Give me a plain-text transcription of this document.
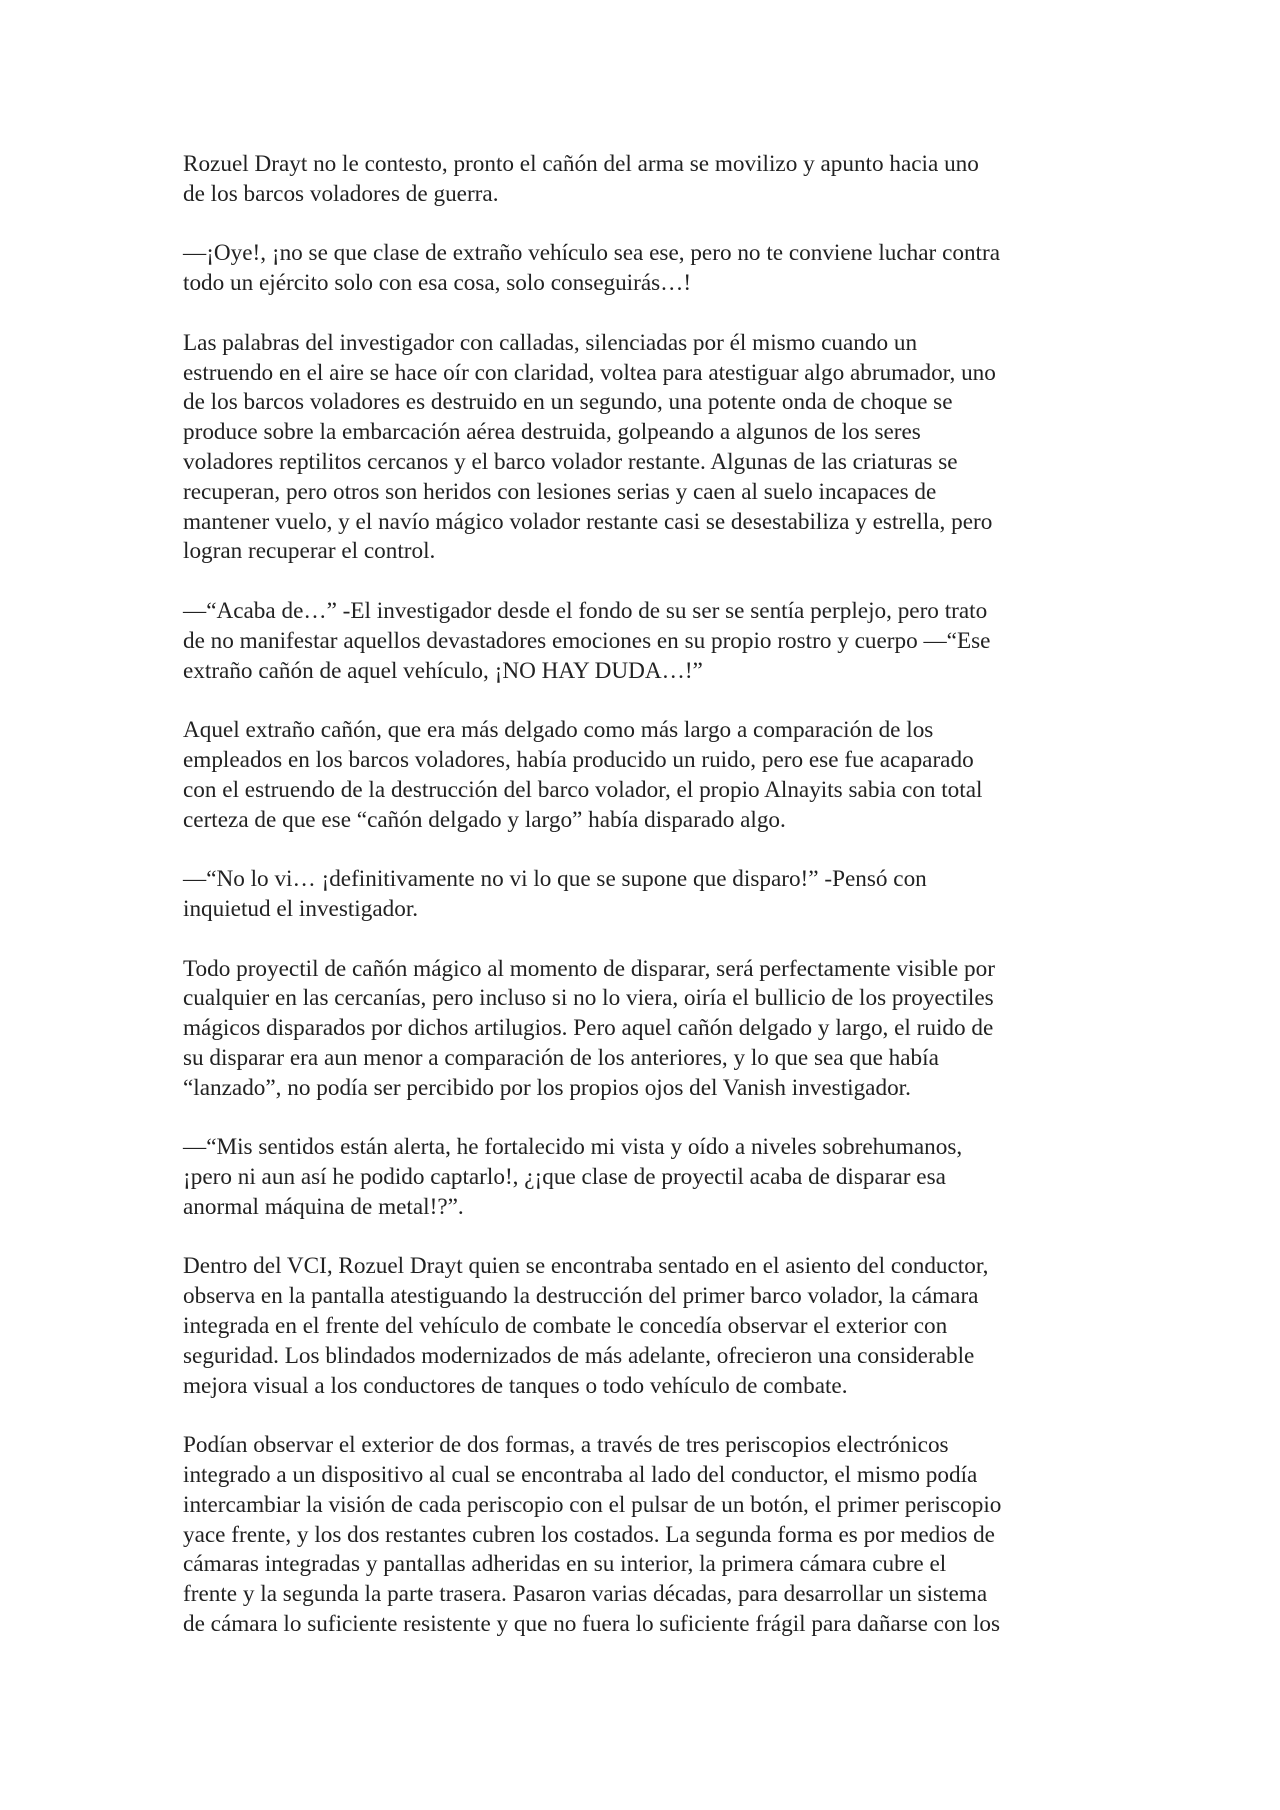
Rozuel Drayt no le contesto, pronto el cañón del arma se movilizo y apunto hacia uno
de los barcos voladores de guerra.

—¡Oye!, ¡no se que clase de extraño vehículo sea ese, pero no te conviene luchar contra
todo un ejército solo con esa cosa, solo conseguirás…!

Las palabras del investigador con calladas, silenciadas por él mismo cuando un
estruendo en el aire se hace oír con claridad, voltea para atestiguar algo abrumador, uno
de los barcos voladores es destruido en un segundo, una potente onda de choque se
produce sobre la embarcación aérea destruida, golpeando a algunos de los seres
voladores reptilitos cercanos y el barco volador restante. Algunas de las criaturas se
recuperan, pero otros son heridos con lesiones serias y caen al suelo incapaces de
mantener vuelo, y el navío mágico volador restante casi se desestabiliza y estrella, pero
logran recuperar el control.

—“Acaba de…” -El investigador desde el fondo de su ser se sentía perplejo, pero trato
de no manifestar aquellos devastadores emociones en su propio rostro y cuerpo —“Ese
extraño cañón de aquel vehículo, ¡NO HAY DUDA…!”

Aquel extraño cañón, que era más delgado como más largo a comparación de los
empleados en los barcos voladores, había producido un ruido, pero ese fue acaparado
con el estruendo de la destrucción del barco volador, el propio Alnayits sabia con total
certeza de que ese “cañón delgado y largo” había disparado algo.

—“No lo vi… ¡definitivamente no vi lo que se supone que disparo!” -Pensó con
inquietud el investigador.

Todo proyectil de cañón mágico al momento de disparar, será perfectamente visible por
cualquier en las cercanías, pero incluso si no lo viera, oiría el bullicio de los proyectiles
mágicos disparados por dichos artilugios. Pero aquel cañón delgado y largo, el ruido de
su disparar era aun menor a comparación de los anteriores, y lo que sea que había
“lanzado”, no podía ser percibido por los propios ojos del Vanish investigador.

—“Mis sentidos están alerta, he fortalecido mi vista y oído a niveles sobrehumanos,
¡pero ni aun así he podido captarlo!, ¿¡que clase de proyectil acaba de disparar esa
anormal máquina de metal!?”.

Dentro del VCI, Rozuel Drayt quien se encontraba sentado en el asiento del conductor,
observa en la pantalla atestiguando la destrucción del primer barco volador, la cámara
integrada en el frente del vehículo de combate le concedía observar el exterior con
seguridad. Los blindados modernizados de más adelante, ofrecieron una considerable
mejora visual a los conductores de tanques o todo vehículo de combate.

Podían observar el exterior de dos formas, a través de tres periscopios electrónicos
integrado a un dispositivo al cual se encontraba al lado del conductor, el mismo podía
intercambiar la visión de cada periscopio con el pulsar de un botón, el primer periscopio
yace frente, y los dos restantes cubren los costados. La segunda forma es por medios de
cámaras integradas y pantallas adheridas en su interior, la primera cámara cubre el
frente y la segunda la parte trasera. Pasaron varias décadas, para desarrollar un sistema
de cámara lo suficiente resistente y que no fuera lo suficiente frágil para dañarse con los
